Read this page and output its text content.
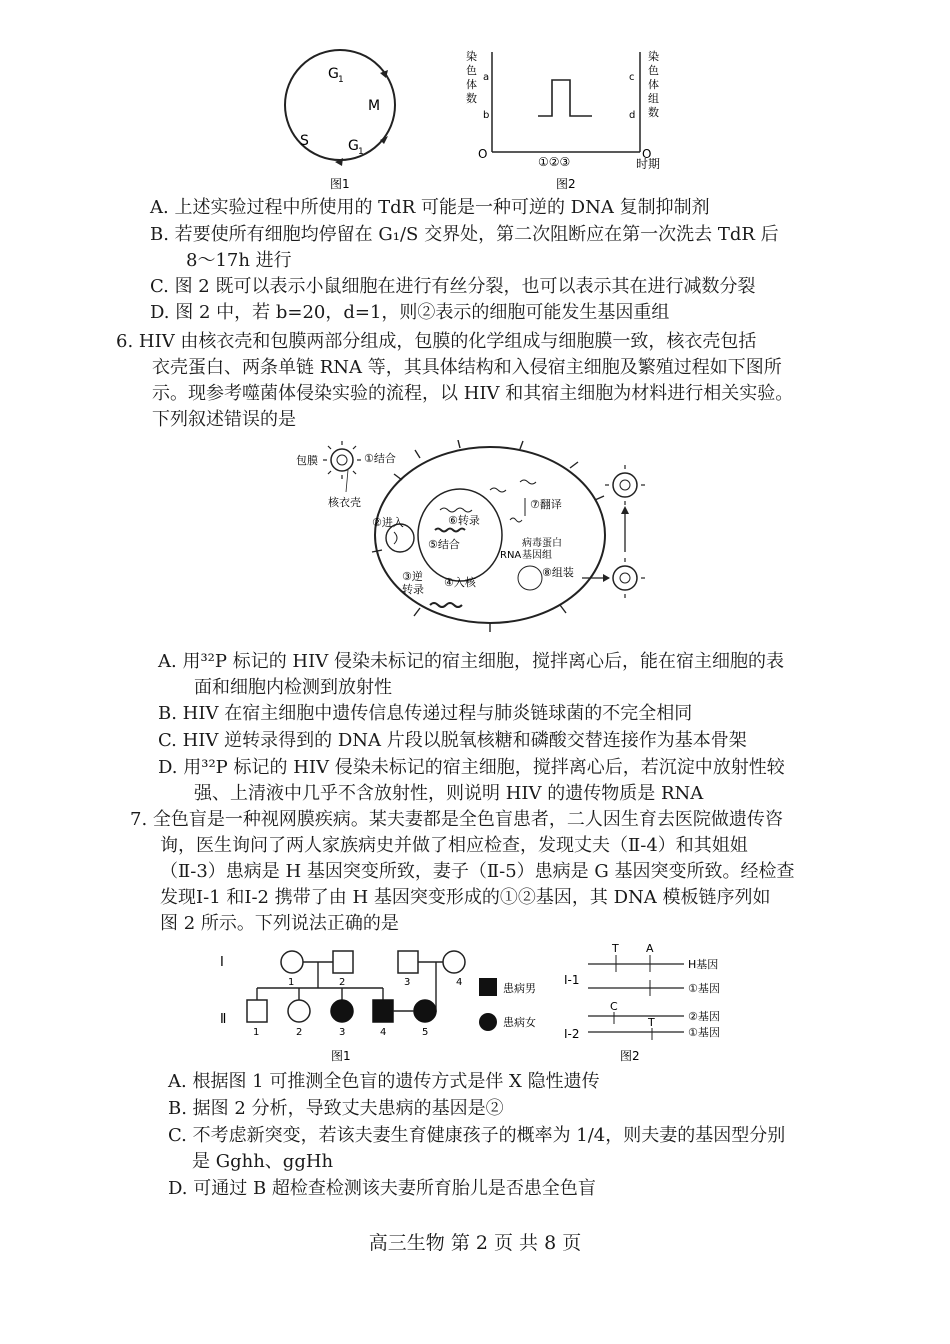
G 1
M
S	G 1
图1
染
色
体
数
染
色
体
组
数
a
b
c
d
O	O
①②③	时期
图2
A. 上述实验过程中所使用的 TdR 可能是一种可逆的 DNA 复制抑制剂
B. 若要使所有细胞均停留在 G₁/S 交界处，第二次阻断应在第一次洗去 TdR 后
8～17h 进行
C. 图 2 既可以表示小鼠细胞在进行有丝分裂，也可以表示其在进行减数分裂
D. 图 2 中，若 b=20，d=1，则②表示的细胞可能发生基因重组
6. HIV 由核衣壳和包膜两部分组成，包膜的化学组成与细胞膜一致，核衣壳包括
衣壳蛋白、两条单链 RNA 等，其具体结构和入侵宿主细胞及繁殖过程如下图所
示。现参考噬菌体侵染实验的流程，以 HIV 和其宿主细胞为材料进行相关实验。
下列叙述错误的是
包膜	①结合
核衣壳
⑥转录
⑤结合
②进入
③逆
转录
④入核
⑦翻译
病毒蛋白
RNA 基因组
⑧组装
A. 用³²P 标记的 HIV 侵染未标记的宿主细胞，搅拌离心后，能在宿主细胞的表
面和细胞内检测到放射性
B. HIV 在宿主细胞中遗传信息传递过程与肺炎链球菌的不完全相同
C. HIV 逆转录得到的 DNA 片段以脱氧核糖和磷酸交替连接作为基本骨架
D. 用³²P 标记的 HIV 侵染未标记的宿主细胞，搅拌离心后，若沉淀中放射性较
强、上清液中几乎不含放射性，则说明 HIV 的遗传物质是 RNA
7. 全色盲是一种视网膜疾病。某夫妻都是全色盲患者，二人因生育去医院做遗传咨
询，医生询问了两人家族病史并做了相应检查，发现丈夫（Ⅱ-4）和其姐姐
（Ⅱ-3）患病是 H 基因突变所致，妻子（Ⅱ-5）患病是 G 基因突变所致。经检查
发现Ⅰ-1 和Ⅰ-2 携带了由 H 基因突变形成的①②基因，其 DNA 模板链序列如
图 2 所示。下列说法正确的是
Ⅰ
Ⅱ
1	2	3	4
1	2	3	4	5
患病男
患病女
图1
Ⅰ-1
Ⅰ-2
T A
C
T
H基因
①基因
②基因
①基因
图2
A. 根据图 1 可推测全色盲的遗传方式是伴 X 隐性遗传
B. 据图 2 分析，导致丈夫患病的基因是②
C. 不考虑新突变，若该夫妻生育健康孩子的概率为 1/4，则夫妻的基因型分别
是 Gghh、ggHh
D. 可通过 B 超检查检测该夫妻所育胎儿是否患全色盲
高三生物 第 2 页 共 8 页
